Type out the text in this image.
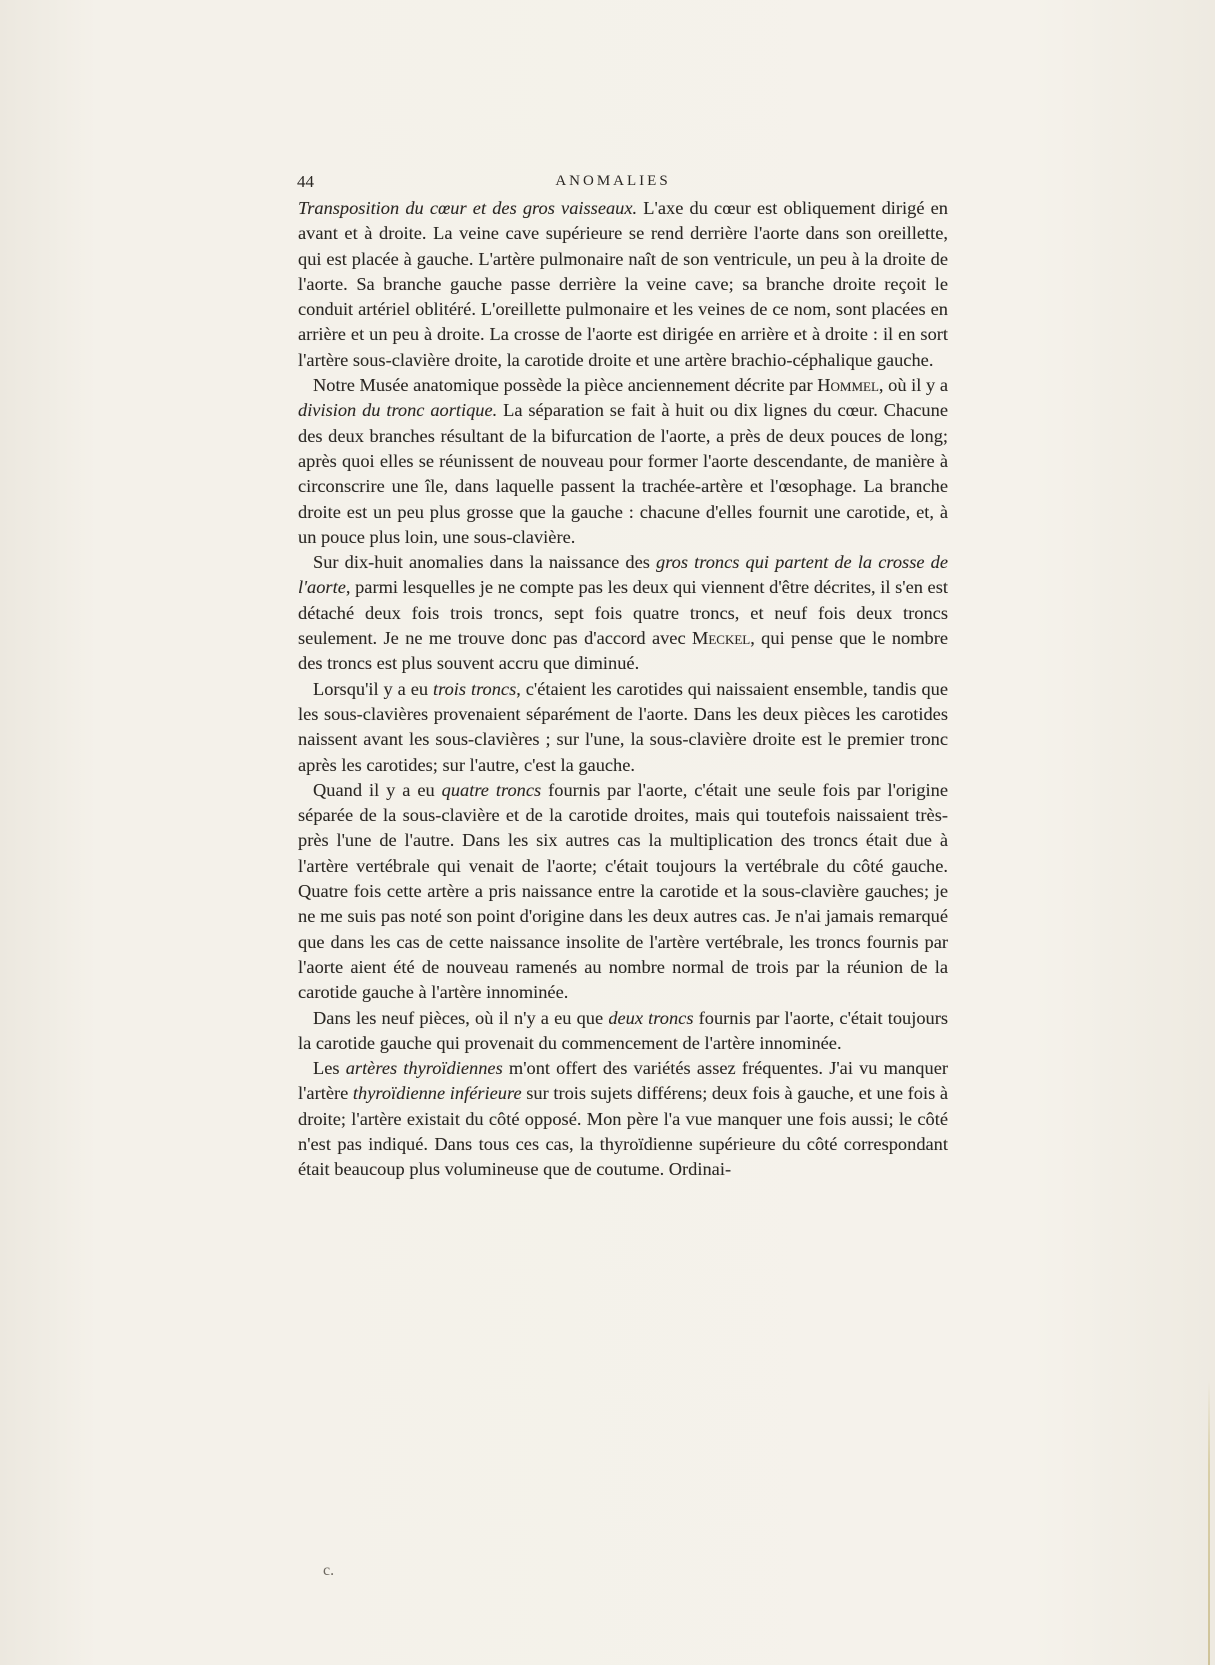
44	ANOMALIES

Transposition du cœur et des gros vaisseaux. L'axe du cœur est obliquement dirigé en avant et à droite. La veine cave supérieure se rend derrière l'aorte dans son oreillette, qui est placée à gauche. L'artère pulmonaire naît de son ventricule, un peu à la droite de l'aorte. Sa branche gauche passe derrière la veine cave; sa branche droite reçoit le conduit artériel oblitéré. L'oreillette pulmonaire et les veines de ce nom, sont placées en arrière et un peu à droite. La crosse de l'aorte est dirigée en arrière et à droite : il en sort l'artère sous-clavière droite, la carotide droite et une artère brachio-céphalique gauche.

Notre Musée anatomique possède la pièce anciennement décrite par Hommel, où il y a division du tronc aortique. La séparation se fait à huit ou dix lignes du cœur. Chacune des deux branches résultant de la bifurcation de l'aorte, a près de deux pouces de long; après quoi elles se réunissent de nouveau pour former l'aorte descendante, de manière à circonscrire une île, dans laquelle passent la trachée-artère et l'œsophage. La branche droite est un peu plus grosse que la gauche : chacune d'elles fournit une carotide, et, à un pouce plus loin, une sous-clavière.

Sur dix-huit anomalies dans la naissance des gros troncs qui partent de la crosse de l'aorte, parmi lesquelles je ne compte pas les deux qui viennent d'être décrites, il s'en est détaché deux fois trois troncs, sept fois quatre troncs, et neuf fois deux troncs seulement. Je ne me trouve donc pas d'accord avec Meckel, qui pense que le nombre des troncs est plus souvent accru que diminué.

Lorsqu'il y a eu trois troncs, c'étaient les carotides qui naissaient ensemble, tandis que les sous-clavières provenaient séparément de l'aorte. Dans les deux pièces les carotides naissent avant les sous-clavières ; sur l'une, la sous-clavière droite est le premier tronc après les carotides; sur l'autre, c'est la gauche.

Quand il y a eu quatre troncs fournis par l'aorte, c'était une seule fois par l'origine séparée de la sous-clavière et de la carotide droites, mais qui toutefois naissaient très-près l'une de l'autre. Dans les six autres cas la multiplication des troncs était due à l'artère vertébrale qui venait de l'aorte; c'était toujours la vertébrale du côté gauche. Quatre fois cette artère a pris naissance entre la carotide et la sous-clavière gauches; je ne me suis pas noté son point d'origine dans les deux autres cas. Je n'ai jamais remarqué que dans les cas de cette naissance insolite de l'artère vertébrale, les troncs fournis par l'aorte aient été de nouveau ramenés au nombre normal de trois par la réunion de la carotide gauche à l'artère innominée.

Dans les neuf pièces, où il n'y a eu que deux troncs fournis par l'aorte, c'était toujours la carotide gauche qui provenait du commencement de l'artère innominée.

Les artères thyroïdiennes m'ont offert des variétés assez fréquentes. J'ai vu manquer l'artère thyroïdienne inférieure sur trois sujets différens; deux fois à gauche, et une fois à droite; l'artère existait du côté opposé. Mon père l'a vue manquer une fois aussi; le côté n'est pas indiqué. Dans tous ces cas, la thyroïdienne supérieure du côté correspondant était beaucoup plus volumineuse que de coutume. Ordinai-

c.
